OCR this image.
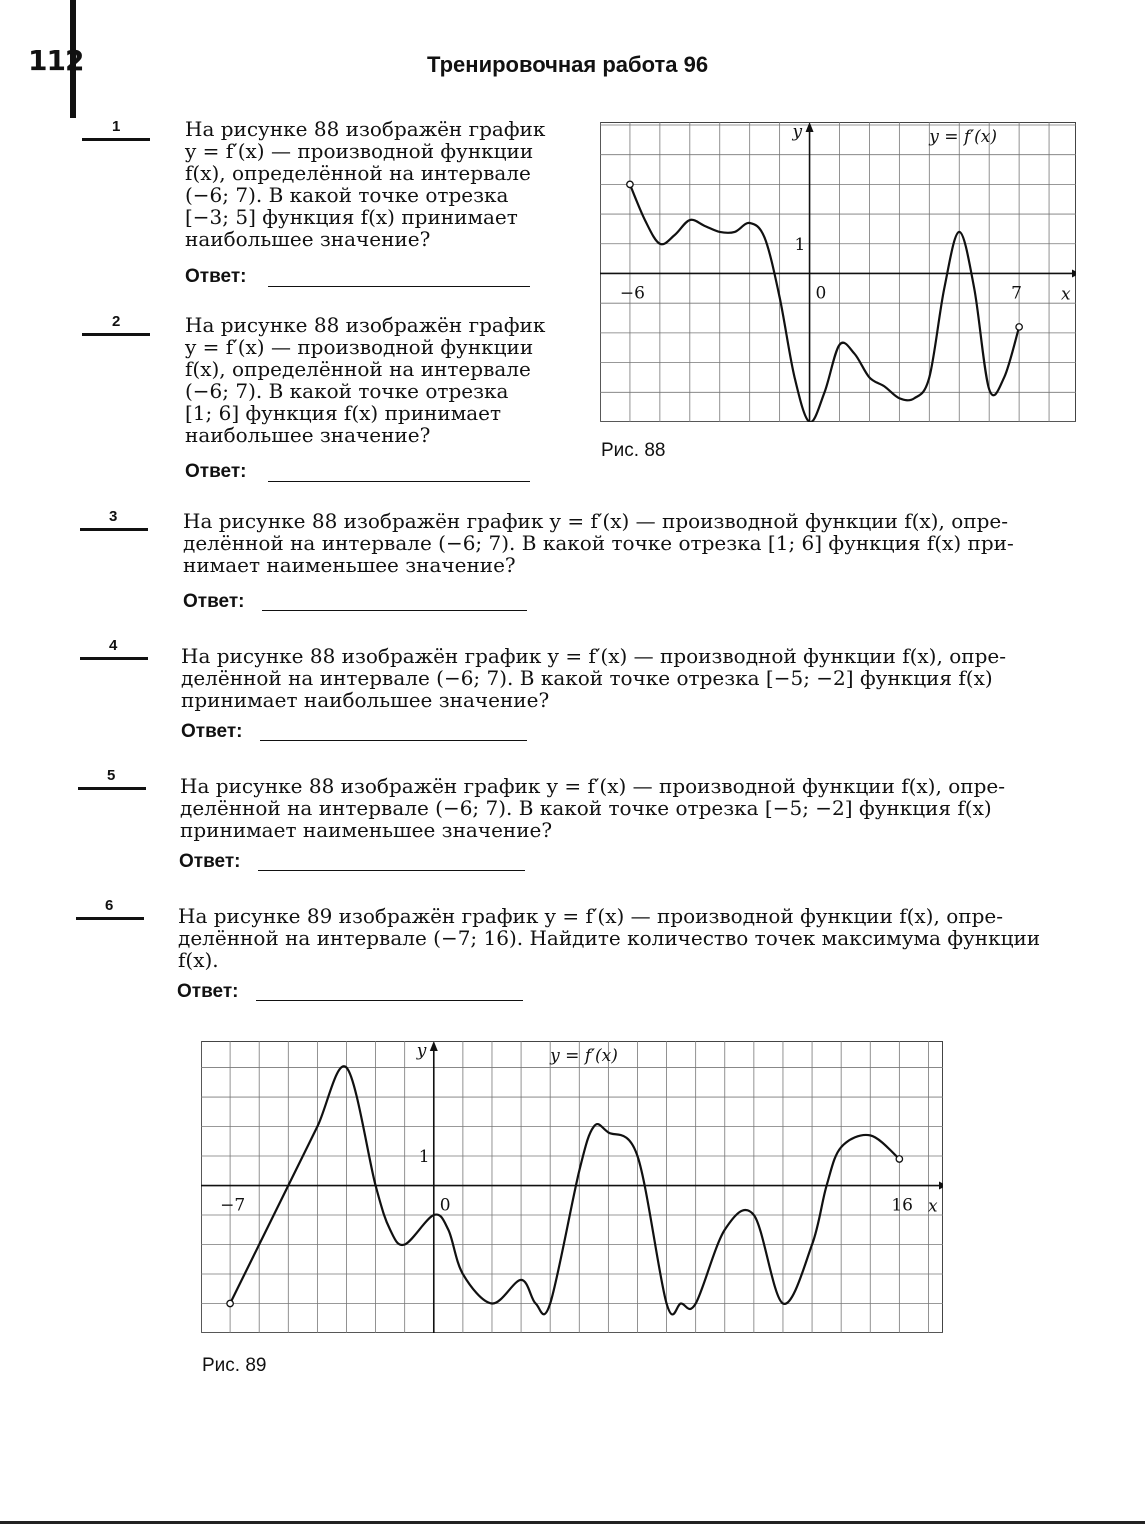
112	Тренировочная работа 96
1	На рисунке 88 изображён график
y = f′(x) — производной функции
f(x), определённой на интервале
(−6; 7). В какой точке отрезка
[−3; 5] функция f(x) принимает
наибольшее значение?
Ответ:
2	На рисунке 88 изображён график
y = f′(x) — производной функции
f(x), определённой на интервале
(−6; 7). В какой точке отрезка
[1; 6] функция f(x) принимает
наибольшее значение?
Ответ:
y
x
−6	0	7
1
y = f′(x)
Рис. 88
3	На рисунке 88 изображён график y = f′(x) — производной функции f(x), опре-
делённой на интервале (−6; 7). В какой точке отрезка [1; 6] функция f(x) при-
нимает наименьшее значение?
Ответ:
4	На рисунке 88 изображён график y = f′(x) — производной функции f(x), опре-
делённой на интервале (−6; 7). В какой точке отрезка [−5; −2] функция f(x)
принимает наибольшее значение?
Ответ:
5	На рисунке 88 изображён график y = f′(x) — производной функции f(x), опре-
делённой на интервале (−6; 7). В какой точке отрезка [−5; −2] функция f(x)
принимает наименьшее значение?
Ответ:
6	На рисунке 89 изображён график y = f′(x) — производной функции f(x), опре-
делённой на интервале (−7; 16). Найдите количество точек максимума функции
f(x).
Ответ:
y
x
−7	0	16
1
y = f′(x)
Рис. 89
